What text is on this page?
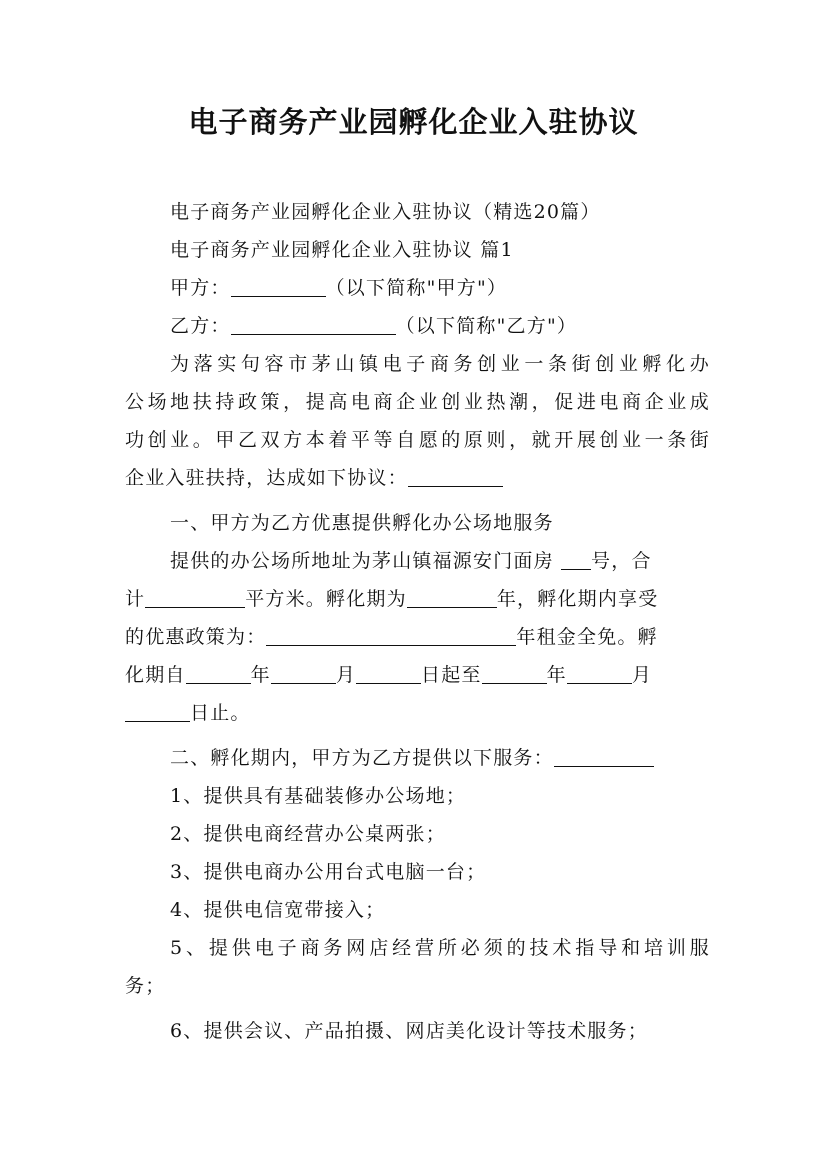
电子商务产业园孵化企业入驻协议
电子商务产业园孵化企业入驻协议（精选20篇）
电子商务产业园孵化企业入驻协议 篇1
甲方：	（以下简称"甲方"）
乙方：	（以下简称"乙方"）
为落实句容市茅山镇电子商务创业一条街创业孵化办
公场地扶持政策，提高电商企业创业热潮，促进电商企业成
功创业。甲乙双方本着平等自愿的原则，就开展创业一条街
企业入驻扶持，达成如下协议：
一、甲方为乙方优惠提供孵化办公场地服务
提供的办公场所地址为茅山镇福源安门面房 号，合
计	平方米。孵化期为	年，孵化期内享受
的优惠政策为：	年租金全免。孵
化期自	年	月	日起至	年	月
日止。
二、孵化期内，甲方为乙方提供以下服务：
1、提供具有基础装修办公场地；
2、提供电商经营办公桌两张；
3、提供电商办公用台式电脑一台；
4、提供电信宽带接入；
5、提供电子商务网店经营所必须的技术指导和培训服
务；
6、提供会议、产品拍摄、网店美化设计等技术服务；
